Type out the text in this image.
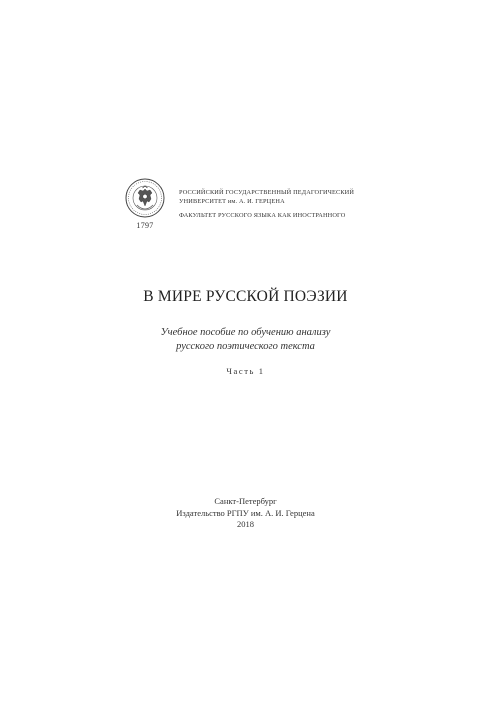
1797
РОССИЙСКИЙ ГОСУДАРСТВЕННЫЙ ПЕДАГОГИЧЕСКИЙ
УНИВЕРСИТЕТ им. А. И. ГЕРЦЕНА
ФАКУЛЬТЕТ РУССКОГО ЯЗЫКА КАК ИНОСТРАННОГО
В МИРЕ РУССКОЙ ПОЭЗИИ
Учебное пособие по обучению анализу
русского поэтического текста
Часть 1
Санкт-Петербург
Издательство РГПУ им. А. И. Герцена
2018
